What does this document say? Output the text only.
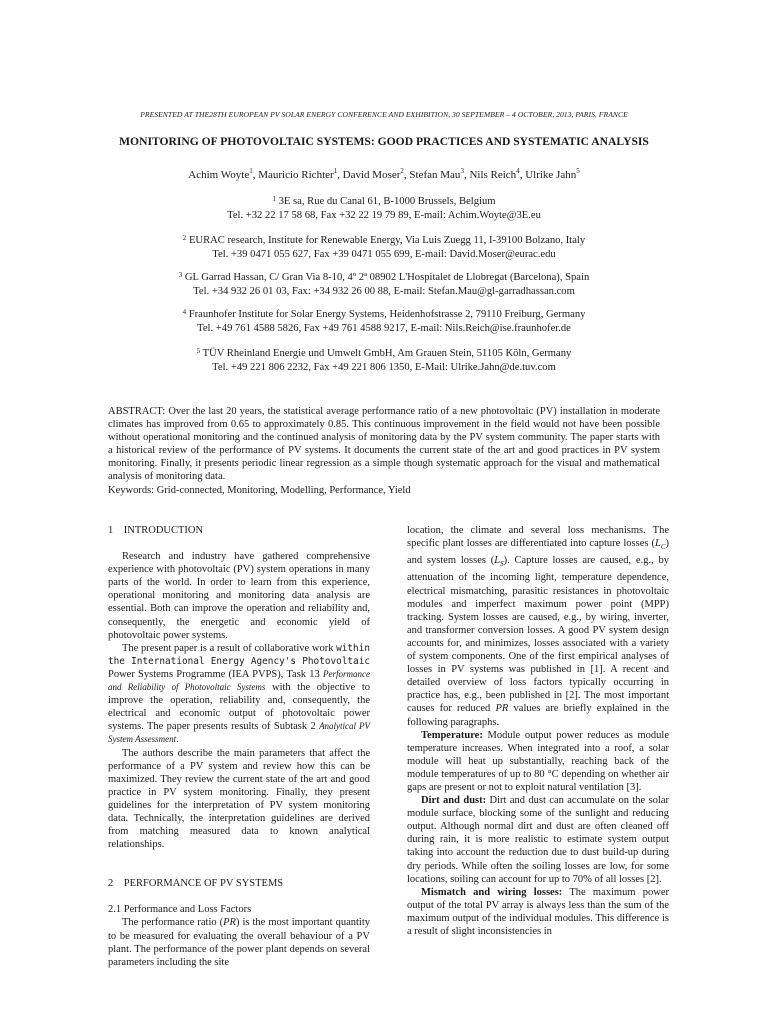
PRESENTED AT THE28TH EUROPEAN PV SOLAR ENERGY CONFERENCE AND EXHIBITION, 30 SEPTEMBER – 4 OCTOBER, 2013, PARIS, FRANCE
MONITORING OF PHOTOVOLTAIC SYSTEMS: GOOD PRACTICES AND SYSTEMATIC ANALYSIS
Achim Woyte$^1$, Mauricio Richter$^1$, David Moser$^2$, Stefan Mau$^3$, Nils Reich$^4$, Ulrike Jahn$^5$
$^1$ 3E sa, Rue du Canal 61, B-1000 Brussels, Belgium
Tel. +32 22 17 58 68, Fax +32 22 19 79 89, E-mail: Achim.Woyte@3E.eu
$^2$ EURAC research, Institute for Renewable Energy, Via Luis Zuegg 11, I-39100 Bolzano, Italy
Tel. +39 0471 055 627, Fax +39 0471 055 699, E-mail: David.Moser@eurac.edu
$^3$ GL Garrad Hassan, C/ Gran Via 8-10, 4º 2ª 08902 L'Hospitalet de Llobregat (Barcelona), Spain
Tel. +34 932 26 01 03, Fax: +34 932 26 00 88, E-mail: Stefan.Mau@gl-garradhassan.com
$^4$ Fraunhofer Institute for Solar Energy Systems, Heidenhofstrasse 2, 79110 Freiburg, Germany
Tel. +49 761 4588 5826, Fax +49 761 4588 9217, E-mail: Nils.Reich@ise.fraunhofer.de
$^5$ TÜV Rheinland Energie und Umwelt GmbH, Am Grauen Stein, 51105 Köln, Germany
Tel. +49 221 806 2232, Fax +49 221 806 1350, E-Mail: Ulrike.Jahn@de.tuv.com
ABSTRACT: Over the last 20 years, the statistical average performance ratio of a new photovoltaic (PV) installation in moderate climates has improved from 0.65 to approximately 0.85. This continuous improvement in the field would not have been possible without operational monitoring and the continued analysis of monitoring data by the PV system community. The paper starts with a historical review of the performance of PV systems. It documents the current state of the art and good practices in PV system monitoring. Finally, it presents periodic linear regression as a simple though systematic approach for the visual and mathematical analysis of monitoring data.
Keywords: Grid-connected, Monitoring, Modelling, Performance, Yield
1    INTRODUCTION

Research and industry have gathered comprehensive experience with photovoltaic (PV) system operations in many parts of the world. In order to learn from this experience, operational monitoring and monitoring data analysis are essential. Both can improve the operation and reliability and, consequently, the energetic and economic yield of photovoltaic power systems.

The present paper is a result of collaborative work within the International Energy Agency's Photovoltaic Power Systems Programme (IEA PVPS), Task 13 Performance and Reliability of Photovoltaic Systems with the objective to improve the operation, reliability and, consequently, the electrical and economic output of photovoltaic power systems. The paper presents results of Subtask 2 Analytical PV System Assessment.

The authors describe the main parameters that affect the performance of a PV system and review how this can be maximized. They review the current state of the art and good practice in PV system monitoring. Finally, they present guidelines for the interpretation of PV system monitoring data. Technically, the interpretation guidelines are derived from matching measured data to known analytical relationships.

2    PERFORMANCE OF PV SYSTEMS
2.1 Performance and Loss Factors

The performance ratio (PR) is the most important quantity to be measured for evaluating the overall behaviour of a PV plant. The performance of the power plant depends on several parameters including the site

location, the climate and several loss mechanisms. The specific plant losses are differentiated into capture losses $(L_C)$ and system losses $(L_S)$. Capture losses are caused, e.g., by attenuation of the incoming light, temperature dependence, electrical mismatching, parasitic resistances in photovoltaic modules and imperfect maximum power point (MPP) tracking. System losses are caused, e.g., by wiring, inverter, and transformer conversion losses. A good PV system design accounts for, and minimizes, losses associated with a variety of system components. One of the first empirical analyses of losses in PV systems was published in [1]. A recent and detailed overview of loss factors typically occurring in practice has, e.g., been published in [2]. The most important causes for reduced PR values are briefly explained in the following paragraphs.

Temperature: Module output power reduces as module temperature increases. When integrated into a roof, a solar module will heat up substantially, reaching back of the module temperatures of up to 80 °C depending on whether air gaps are present or not to exploit natural ventilation [3].

Dirt and dust: Dirt and dust can accumulate on the solar module surface, blocking some of the sunlight and reducing output. Although normal dirt and dust are often cleaned off during rain, it is more realistic to estimate system output taking into account the reduction due to dust build-up during dry periods. While often the soiling losses are low, for some locations, soiling can account for up to 70% of all losses [2].

Mismatch and wiring losses: The maximum power output of the total PV array is always less than the sum of the maximum output of the individual modules. This difference is a result of slight inconsistencies in
